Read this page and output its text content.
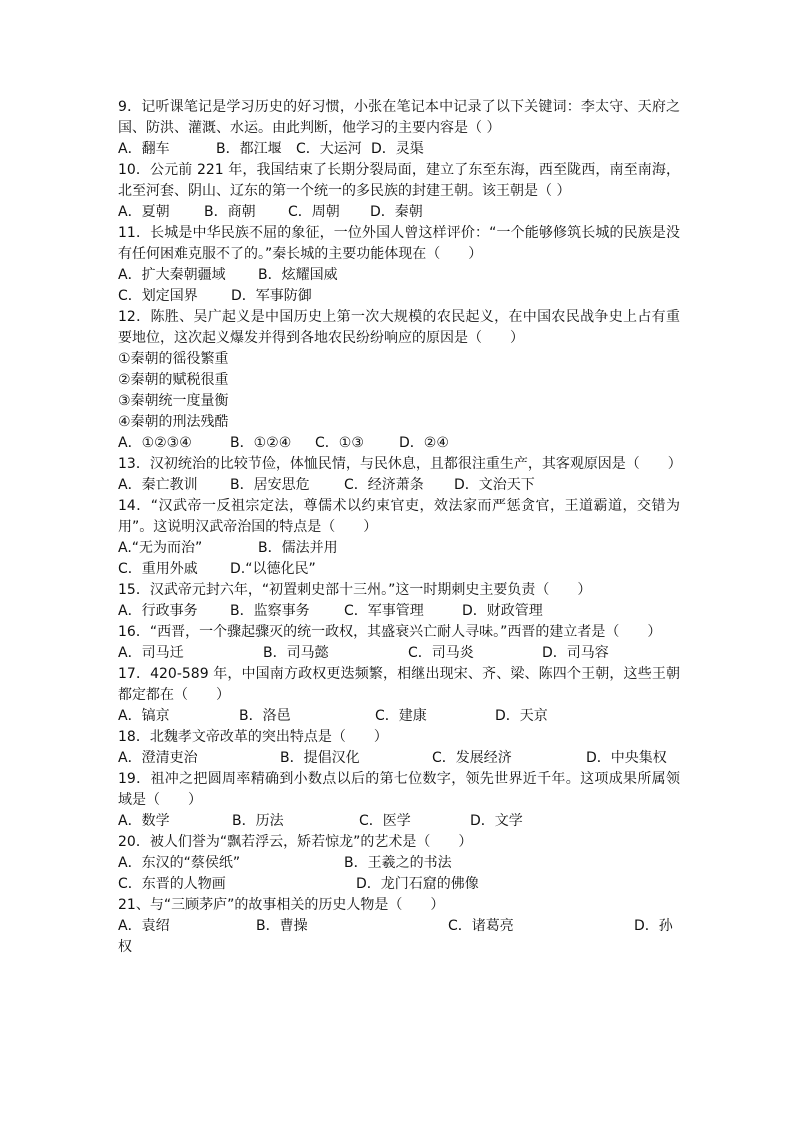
9．记听课笔记是学习历史的好习惯，小张在笔记本中记录了以下关键词：李太守、天府之国、防洪、灌溉、水运。由此判断，他学习的主要内容是（ ）
A．翻车	B．都江堰	C．大运河 D．灵渠
10．公元前 221 年，我国结束了长期分裂局面，建立了东至东海，西至陇西，南至南海，北至河套、阴山、辽东的第一个统一的多民族的封建王朝。该王朝是（ ）
A．夏朝	B．商朝	C．周朝	D．秦朝
11．长城是中华民族不屈的象征，一位外国人曾这样评价：“一个能够修筑长城的民族是没有任何困难克服不了的。”秦长城的主要功能体现在（　　）
A．扩大秦朝疆域	B．炫耀国威
C．划定国界	D．军事防御
12．陈胜、吴广起义是中国历史上第一次大规模的农民起义，在中国农民战争史上占有重要地位，这次起义爆发并得到各地农民纷纷响应的原因是（　　）
①秦朝的徭役繁重
②秦朝的赋税很重
③秦朝统一度量衡
④秦朝的刑法残酷
A．①②③④	B．①②④	C．①③	D．②④
13．汉初统治的比较节俭，体恤民情，与民休息，且都很注重生产，其客观原因是（　　）
A．秦亡教训	B．居安思危	C．经济萧条	D．文治天下
14．“汉武帝一反祖宗定法，尊儒术以约束官吏，效法家而严惩贪官，王道霸道，交错为用”。这说明汉武帝治国的特点是（　　）
A.“无为而治”	B．儒法并用
C．重用外戚	D.“以德化民”
15．汉武帝元封六年，“初置刺史部十三州。”这一时期刺史主要负责（　　）
A．行政事务	B．监察事务	C．军事管理	D．财政管理
16．“西晋，一个骤起骤灭的统一政权，其盛衰兴亡耐人寻味。”西晋的建立者是（　　）
A．司马迁	B．司马懿	C．司马炎	D．司马容
17．420-589 年，中国南方政权更迭频繁，相继出现宋、齐、梁、陈四个王朝，这些王朝都定都在（　　）
A．镐京	B．洛邑	C．建康	D．天京
18．北魏孝文帝改革的突出特点是（　　）
A．澄清吏治	B．提倡汉化	C．发展经济	D．中央集权
19．祖冲之把圆周率精确到小数点以后的第七位数字，领先世界近千年。这项成果所属领域是（　　）
A．数学	B．历法	C．医学	D．文学
20．被人们誉为“飘若浮云，矫若惊龙”的艺术是（　　）
A．东汉的“蔡侯纸”	B．王羲之的书法
C．东晋的人物画	D．龙门石窟的佛像
21、与“三顾茅庐”的故事相关的历史人物是（　　）
A．袁绍	B．曹操	C．诸葛亮	D．孙
权
